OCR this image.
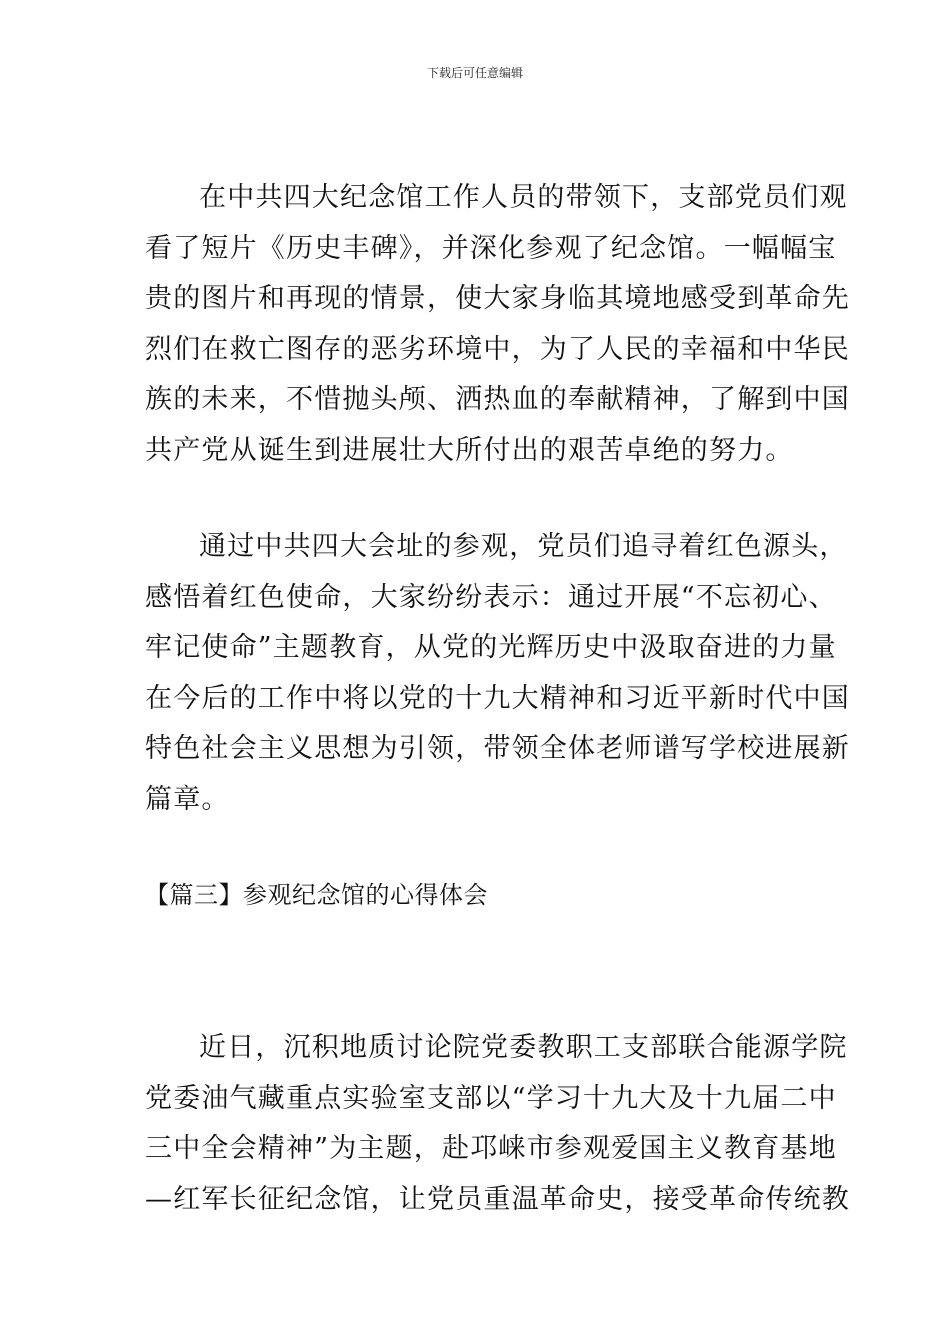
下载后可任意编辑
在中共四大纪念馆工作人员的带领下，支部党员们观
看了短片《历史丰碑》，并深化参观了纪念馆。一幅幅宝
贵的图片和再现的情景，使大家身临其境地感受到革命先
烈们在救亡图存的恶劣环境中，为了人民的幸福和中华民
族的未来，不惜抛头颅、洒热血的奉献精神，了解到中国
共产党从诞生到进展壮大所付出的艰苦卓绝的努力。
通过中共四大会址的参观，党员们追寻着红色源头，
感悟着红色使命，大家纷纷表示：通过开展“不忘初心、
牢记使命”主题教育，从党的光辉历史中汲取奋进的力量
在今后的工作中将以党的十九大精神和习近平新时代中国
特色社会主义思想为引领，带领全体老师谱写学校进展新
篇章。
【篇三】参观纪念馆的心得体会
近日，沉积地质讨论院党委教职工支部联合能源学院
党委油气藏重点实验室支部以“学习十九大及十九届二中
三中全会精神”为主题，赴邛崃市参观爱国主义教育基地
—红军长征纪念馆，让党员重温革命史，接受革命传统教
